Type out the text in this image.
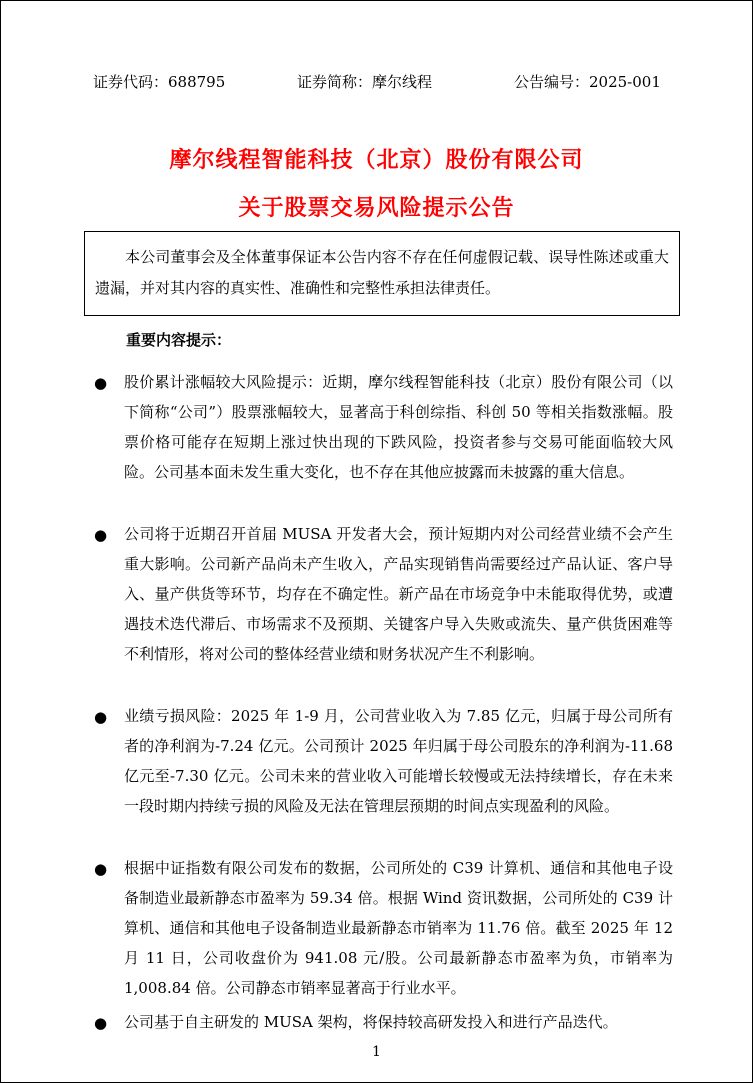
证券代码：688795	证券简称：摩尔线程	公告编号：2025-001
摩尔线程智能科技（北京）股份有限公司
关于股票交易风险提示公告
本公司董事会及全体董事保证本公告内容不存在任何虚假记载、误导性陈述或重大遗漏，并对其内容的真实性、准确性和完整性承担法律责任。
重要内容提示：
● 股价累计涨幅较大风险提示：近期，摩尔线程智能科技（北京）股份有限公司（以下简称“公司”）股票涨幅较大，显著高于科创综指、科创 50 等相关指数涨幅。股票价格可能存在短期上涨过快出现的下跌风险，投资者参与交易可能面临较大风险。公司基本面未发生重大变化，也不存在其他应披露而未披露的重大信息。
● 公司将于近期召开首届 MUSA 开发者大会，预计短期内对公司经营业绩不会产生重大影响。公司新产品尚未产生收入，产品实现销售尚需要经过产品认证、客户导入、量产供货等环节，均存在不确定性。新产品在市场竞争中未能取得优势，或遭遇技术迭代滞后、市场需求不及预期、关键客户导入失败或流失、量产供货困难等不利情形，将对公司的整体经营业绩和财务状况产生不利影响。
● 业绩亏损风险：2025 年 1-9 月，公司营业收入为 7.85 亿元，归属于母公司所有者的净利润为-7.24 亿元。公司预计 2025 年归属于母公司股东的净利润为-11.68 亿元至-7.30 亿元。公司未来的营业收入可能增长较慢或无法持续增长，存在未来一段时期内持续亏损的风险及无法在管理层预期的时间点实现盈利的风险。
● 根据中证指数有限公司发布的数据，公司所处的 C39 计算机、通信和其他电子设备制造业最新静态市盈率为 59.34 倍。根据 Wind 资讯数据，公司所处的 C39 计算机、通信和其他电子设备制造业最新静态市销率为 11.76 倍。截至 2025 年 12 月 11 日，公司收盘价为 941.08 元/股。公司最新静态市盈率为负，市销率为 1,008.84 倍。公司静态市销率显著高于行业水平。
● 公司基于自主研发的 MUSA 架构，将保持较高研发投入和进行产品迭代。
1
